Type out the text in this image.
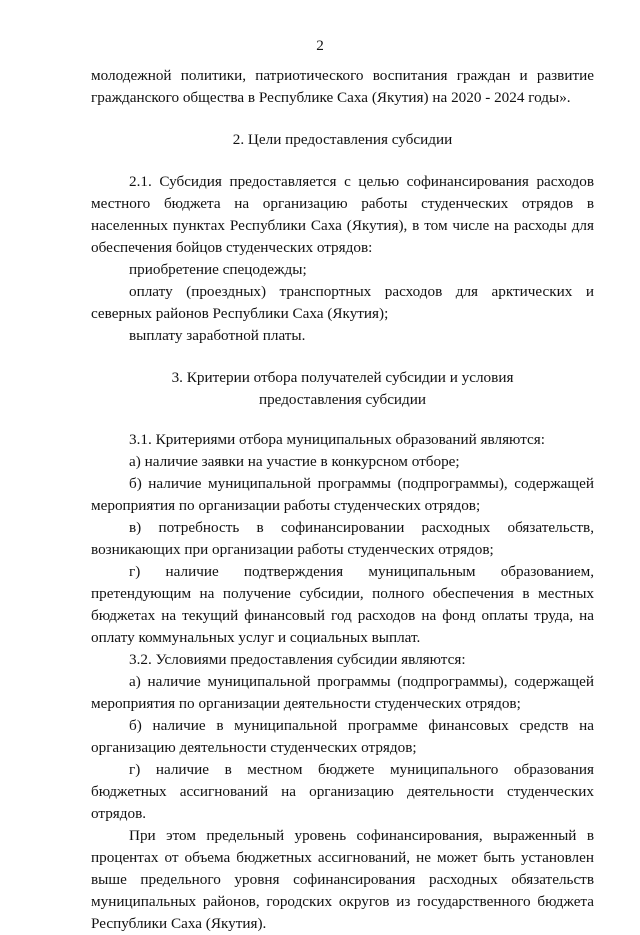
2

молодежной политики, патриотического воспитания граждан и развитие гражданского общества в Республике Саха (Якутия) на 2020 - 2024 годы».

2. Цели предоставления субсидии

2.1. Субсидия предоставляется с целью софинансирования расходов местного бюджета на организацию работы студенческих отрядов в населенных пунктах Республики Саха (Якутия), в том числе на расходы для обеспечения бойцов студенческих отрядов:

приобретение спецодежды;

оплату (проездных) транспортных расходов для арктических и северных районов Республики Саха (Якутия);

выплату заработной платы.

3. Критерии отбора получателей субсидии и условия
предоставления субсидии

3.1. Критериями отбора муниципальных образований являются:

а) наличие заявки на участие в конкурсном отборе;

б) наличие муниципальной программы (подпрограммы), содержащей мероприятия по организации работы студенческих отрядов;

в) потребность в софинансировании расходных обязательств, возникающих при организации работы студенческих отрядов;

г) наличие подтверждения муниципальным образованием, претендующим на получение субсидии, полного обеспечения в местных бюджетах на текущий финансовый год расходов на фонд оплаты труда, на оплату коммунальных услуг и социальных выплат.

3.2. Условиями предоставления субсидии являются:

а) наличие муниципальной программы (подпрограммы), содержащей мероприятия по организации деятельности студенческих отрядов;

б) наличие в муниципальной программе финансовых средств на организацию деятельности студенческих отрядов;

г) наличие в местном бюджете муниципального образования бюджетных ассигнований на организацию деятельности студенческих отрядов.

При этом предельный уровень софинансирования, выраженный в процентах от объема бюджетных ассигнований, не может быть установлен выше предельного уровня софинансирования расходных обязательств муниципальных районов, городских округов из государственного бюджета Республики Саха (Якутия).
